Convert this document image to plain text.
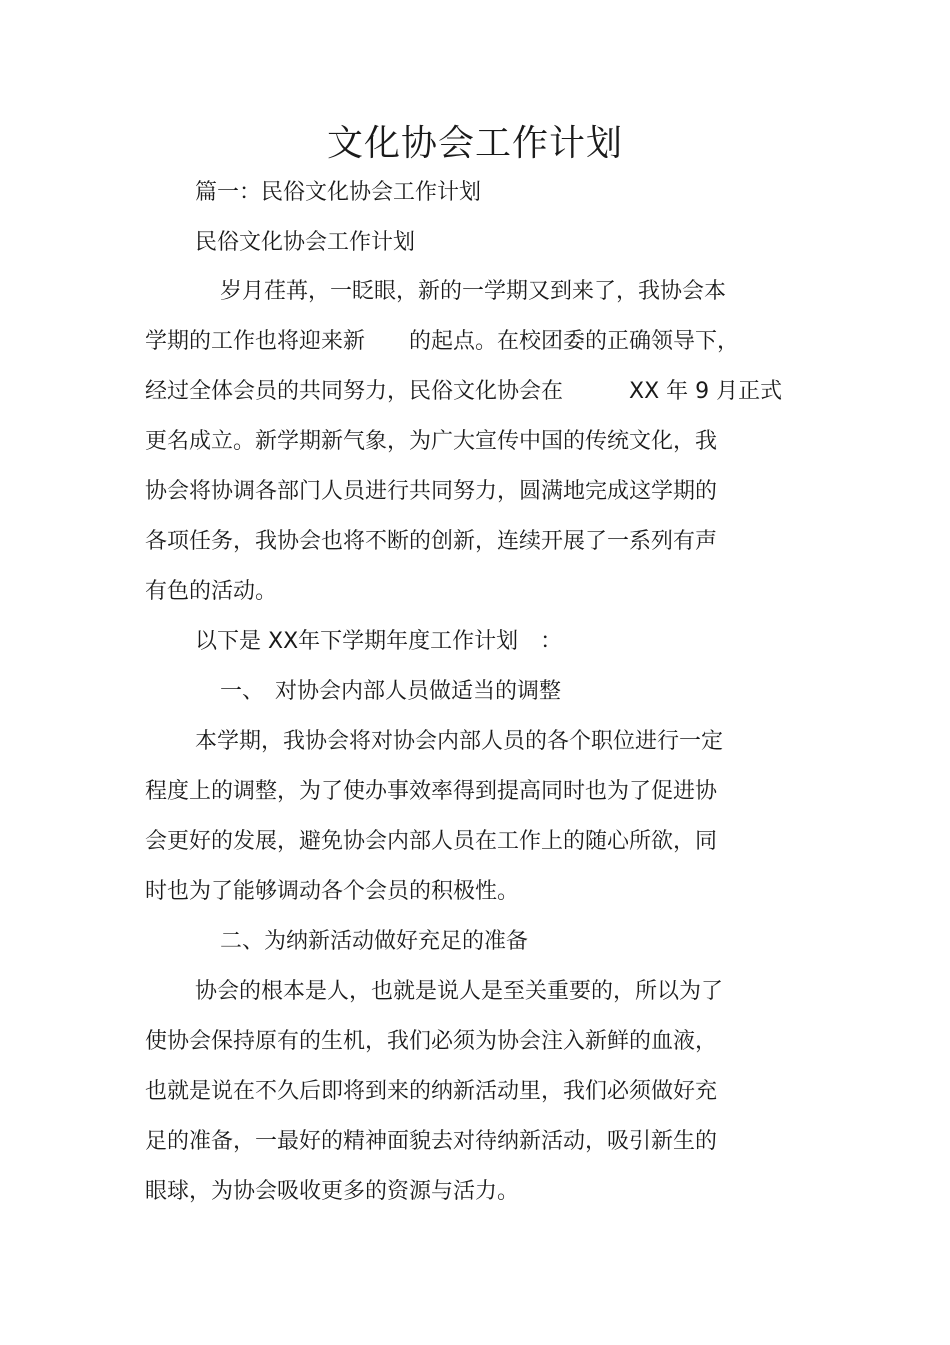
文化协会工作计划
篇一：民俗文化协会工作计划
民俗文化协会工作计划
岁月荏苒，一眨眼，新的一学期又到来了，我协会本
学期的工作也将迎来新　　的起点。在校团委的正确领导下，
经过全体会员的共同努力，民俗文化协会在　　　XX 年 9 月正式
更名成立。新学期新气象，为广大宣传中国的传统文化，我
协会将协调各部门人员进行共同努力，圆满地完成这学期的
各项任务，我协会也将不断的创新，连续开展了一系列有声
有色的活动。
以下是 XX年下学期年度工作计划　：
一、　对协会内部人员做适当的调整
本学期，我协会将对协会内部人员的各个职位进行一定
程度上的调整，为了使办事效率得到提高同时也为了促进协
会更好的发展，避免协会内部人员在工作上的随心所欲，同
时也为了能够调动各个会员的积极性。
二、为纳新活动做好充足的准备
协会的根本是人，也就是说人是至关重要的，所以为了
使协会保持原有的生机，我们必须为协会注入新鲜的血液，
也就是说在不久后即将到来的纳新活动里，我们必须做好充
足的准备，一最好的精神面貌去对待纳新活动，吸引新生的
眼球，为协会吸收更多的资源与活力。
